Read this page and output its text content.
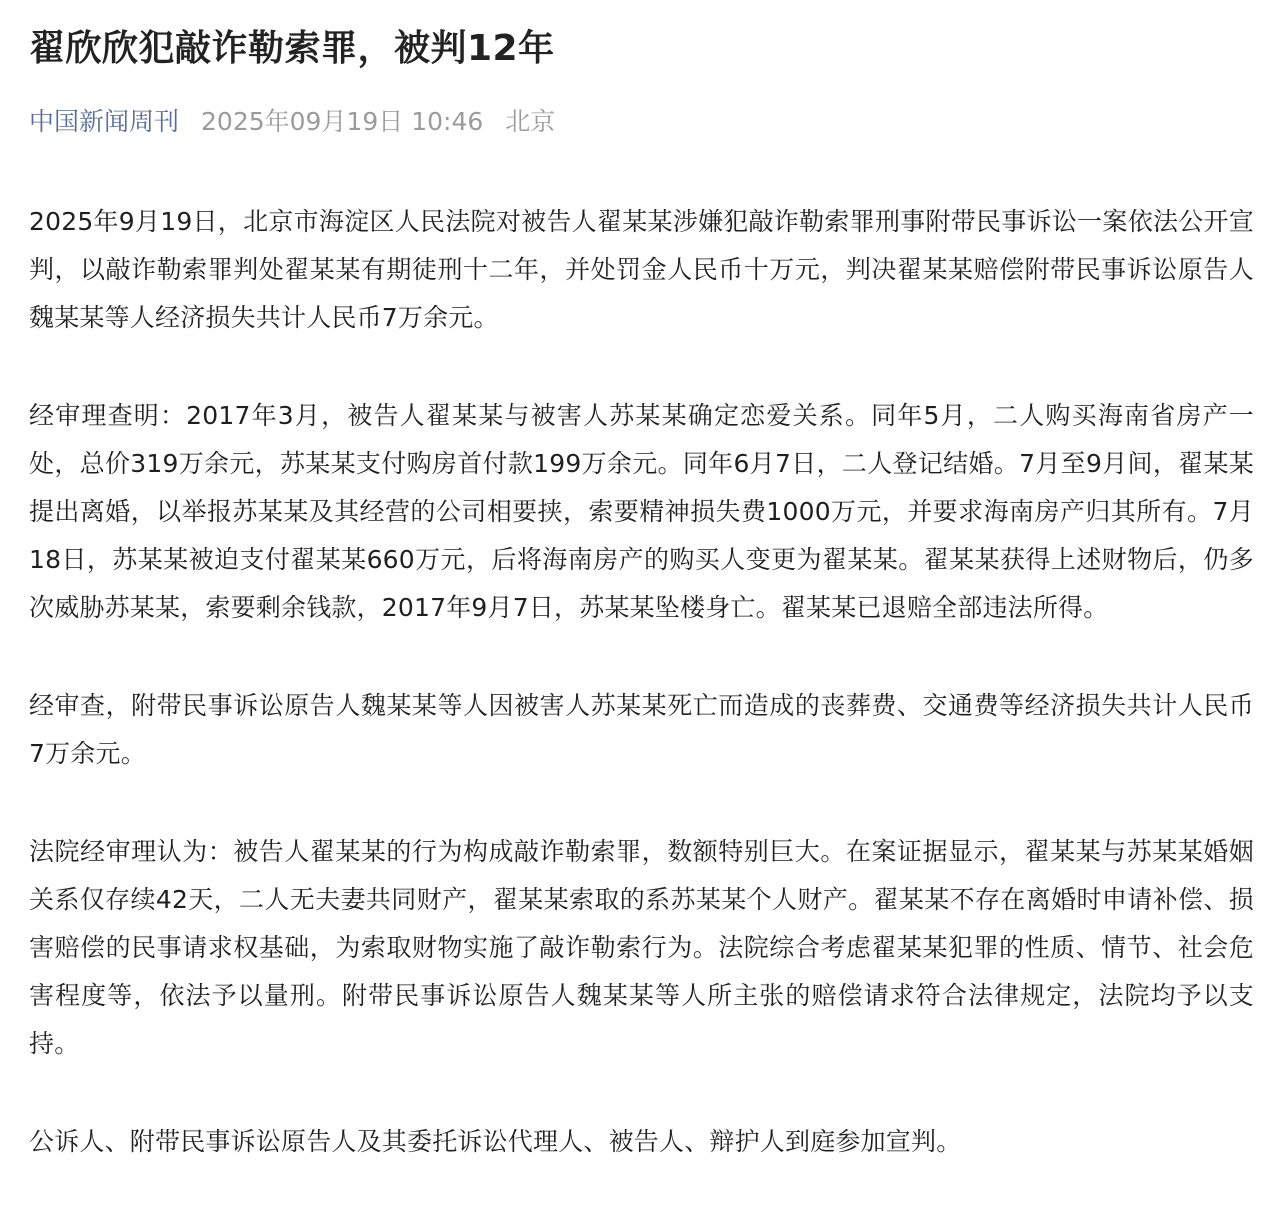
翟欣欣犯敲诈勒索罪，被判12年
中国新闻周刊 2025年09月19日 10:46 北京

2025年9月19日，北京市海淀区人民法院对被告人翟某某涉嫌犯敲诈勒索罪刑事附带民事诉讼一案依法公开宣判，以敲诈勒索罪判处翟某某有期徒刑十二年，并处罚金人民币十万元，判决翟某某赔偿附带民事诉讼原告人魏某某等人经济损失共计人民币7万余元。

经审理查明：2017年3月，被告人翟某某与被害人苏某某确定恋爱关系。同年5月，二人购买海南省房产一处，总价319万余元，苏某某支付购房首付款199万余元。同年6月7日，二人登记结婚。7月至9月间，翟某某提出离婚，以举报苏某某及其经营的公司相要挟，索要精神损失费1000万元，并要求海南房产归其所有。7月18日，苏某某被迫支付翟某某660万元，后将海南房产的购买人变更为翟某某。翟某某获得上述财物后，仍多次威胁苏某某，索要剩余钱款，2017年9月7日，苏某某坠楼身亡。翟某某已退赔全部违法所得。

经审查，附带民事诉讼原告人魏某某等人因被害人苏某某死亡而造成的丧葬费、交通费等经济损失共计人民币7万余元。

法院经审理认为：被告人翟某某的行为构成敲诈勒索罪，数额特别巨大。在案证据显示，翟某某与苏某某婚姻关系仅存续42天，二人无夫妻共同财产，翟某某索取的系苏某某个人财产。翟某某不存在离婚时申请补偿、损害赔偿的民事请求权基础，为索取财物实施了敲诈勒索行为。法院综合考虑翟某某犯罪的性质、情节、社会危害程度等，依法予以量刑。附带民事诉讼原告人魏某某等人所主张的赔偿请求符合法律规定，法院均予以支持。

公诉人、附带民事诉讼原告人及其委托诉讼代理人、被告人、辩护人到庭参加宣判。
